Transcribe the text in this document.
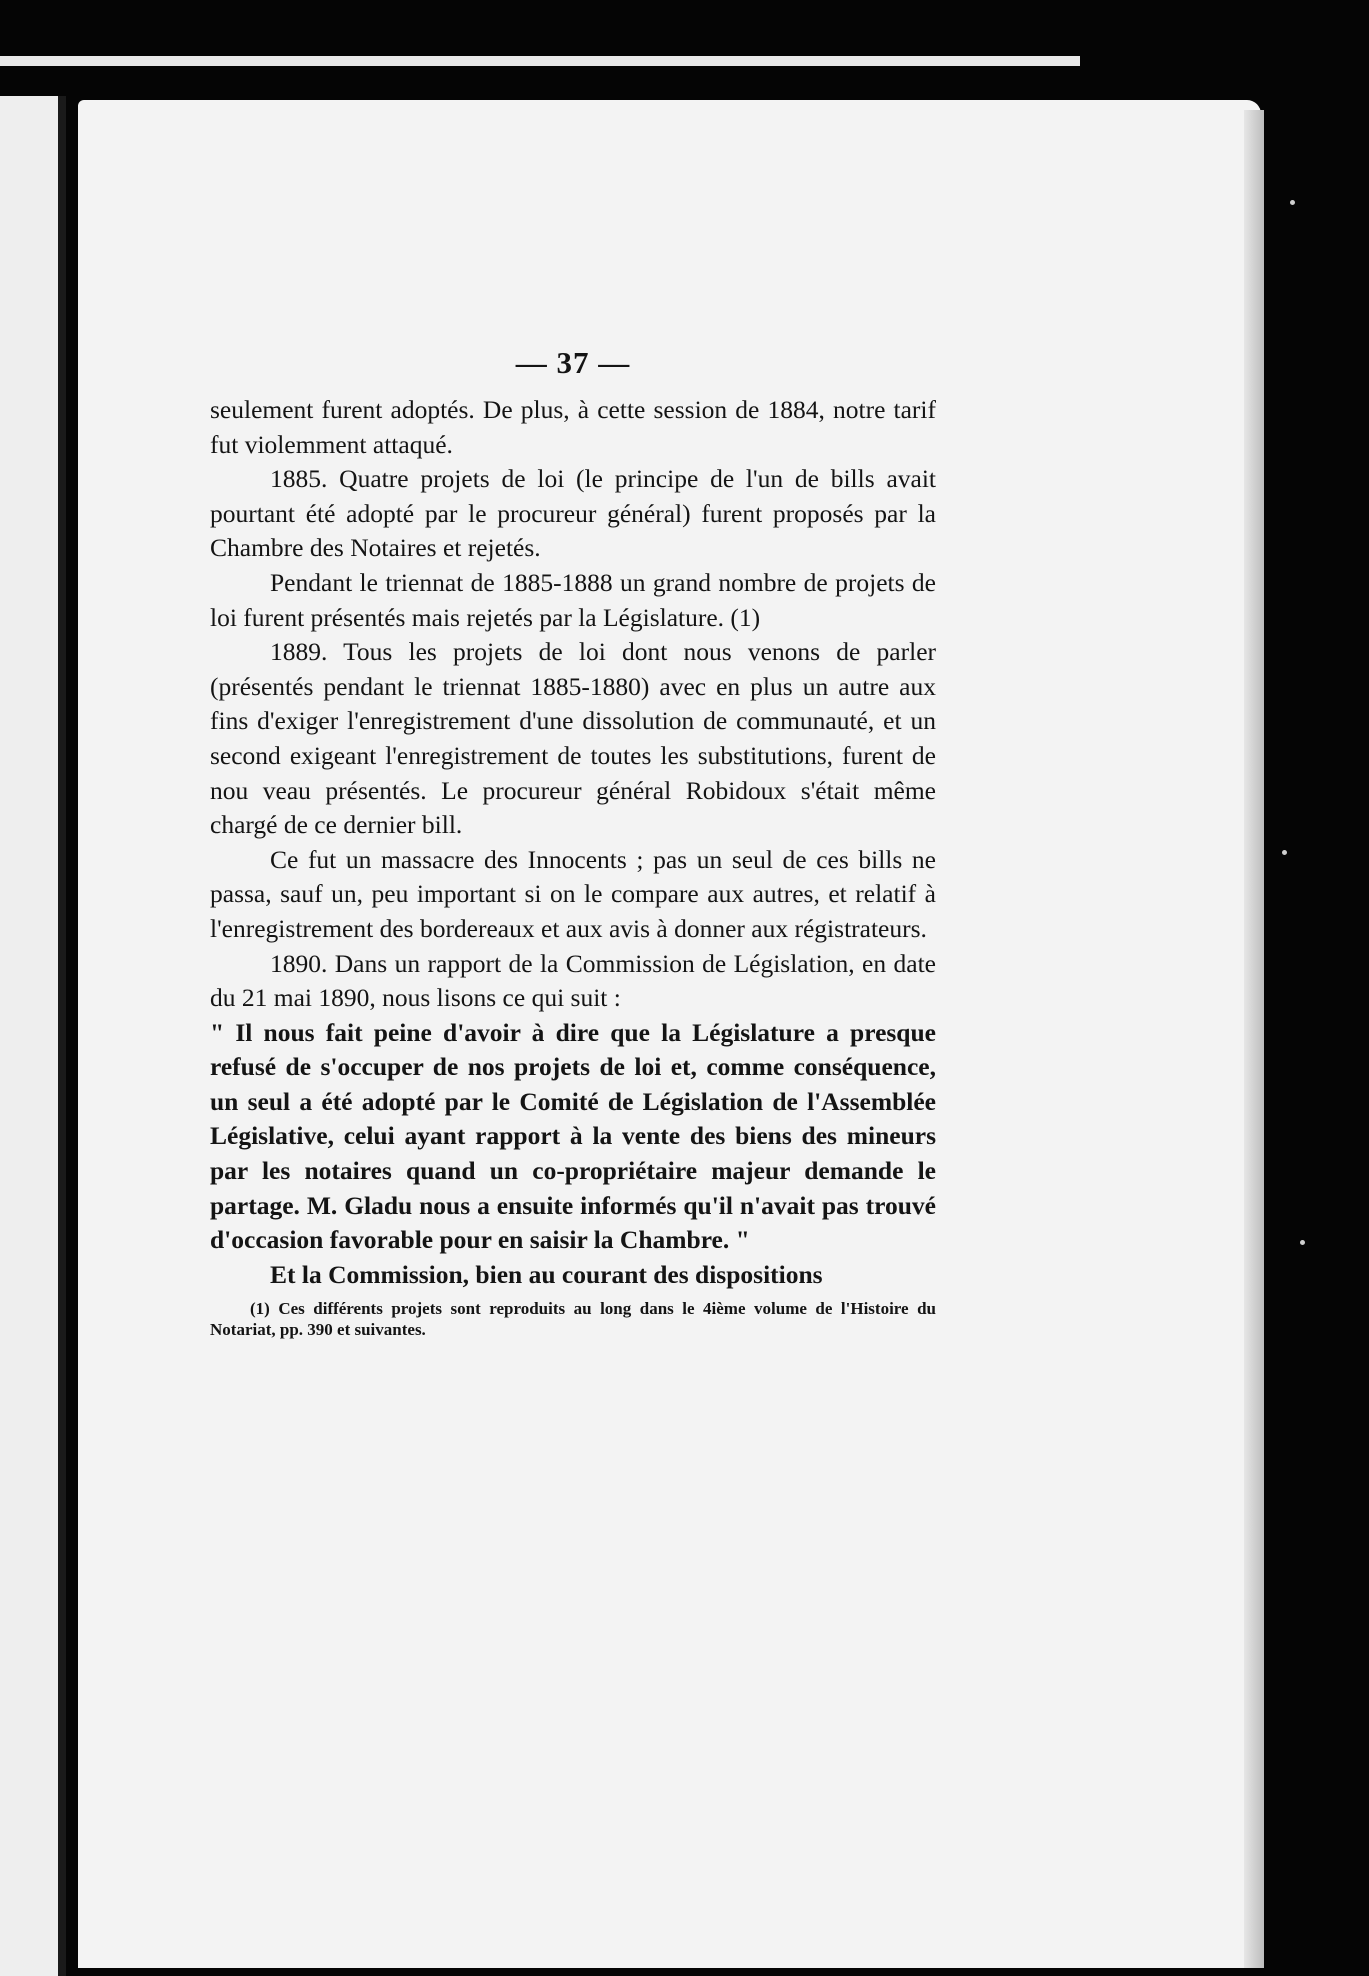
— 37 —

seulement furent adoptés. De plus, à cette session de 1884, notre tarif fut violemment attaqué.

1885. Quatre projets de loi (le principe de l'un de bills avait pourtant été adopté par le procureur général) furent proposés par la Chambre des Notaires et rejetés.

Pendant le triennat de 1885-1888 un grand nombre de projets de loi furent présentés mais rejetés par la Législature. (1)

1889. Tous les projets de loi dont nous venons de parler (présentés pendant le triennat 1885-1880) avec en plus un autre aux fins d'exiger l'enregistrement d'une dissolution de communauté, et un second exigeant l'enregistrement de toutes les substitutions, furent de nou veau présentés. Le procureur général Robidoux s'était même chargé de ce dernier bill.

Ce fut un massacre des Innocents ; pas un seul de ces bills ne passa, sauf un, peu important si on le compare aux autres, et relatif à l'enregistrement des bordereaux et aux avis à donner aux régistrateurs.

1890. Dans un rapport de la Commission de Législation, en date du 21 mai 1890, nous lisons ce qui suit :

" Il nous fait peine d'avoir à dire que la Législature a presque refusé de s'occuper de nos projets de loi et, comme conséquence, un seul a été adopté par le Comité de Législation de l'Assemblée Législative, celui ayant rapport à la vente des biens des mineurs par les notaires quand un co-propriétaire majeur demande le partage. M. Gladu nous a ensuite informés qu'il n'avait pas trouvé d'occasion favorable pour en saisir la Chambre. "

Et la Commission, bien au courant des dispositions

(1) Ces différents projets sont reproduits au long dans le 4ième volume de l'Histoire du Notariat, pp. 390 et suivantes.
